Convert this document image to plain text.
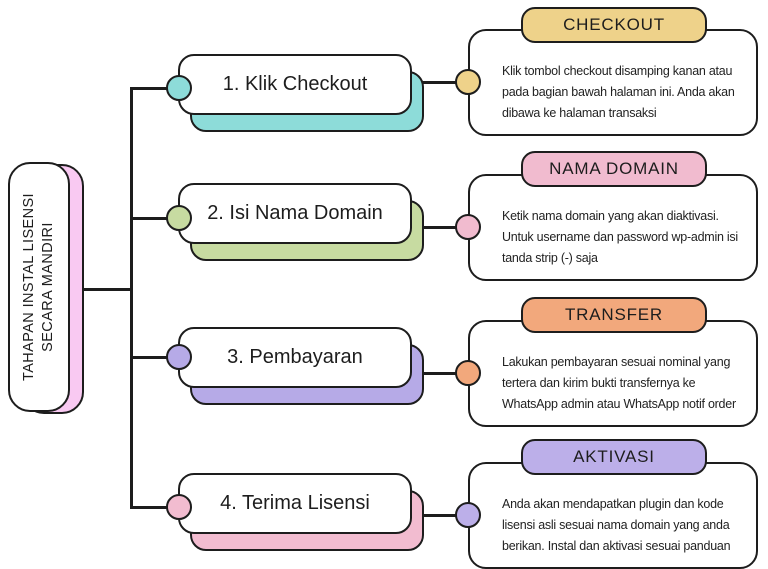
TAHAPAN INSTAL LISENSI SECARA MANDIRI
1. Klik Checkout
Klik tombol checkout disamping kanan atau
pada bagian bawah halaman ini. Anda akan
dibawa ke halaman transaksi
CHECKOUT
2. Isi Nama Domain	Ketik nama domain yang akan diaktivasi.
Untuk username dan password wp-admin isi
tanda strip (-) saja
NAMA DOMAIN
3. Pembayaran	Lakukan pembayaran sesuai nominal yang
tertera dan kirim bukti transfernya ke
WhatsApp admin atau WhatsApp notif order
TRANSFER
4. Terima Lisensi	Anda akan mendapatkan plugin dan kode
lisensi asli sesuai nama domain yang anda
berikan. Instal dan aktivasi sesuai panduan
AKTIVASI
